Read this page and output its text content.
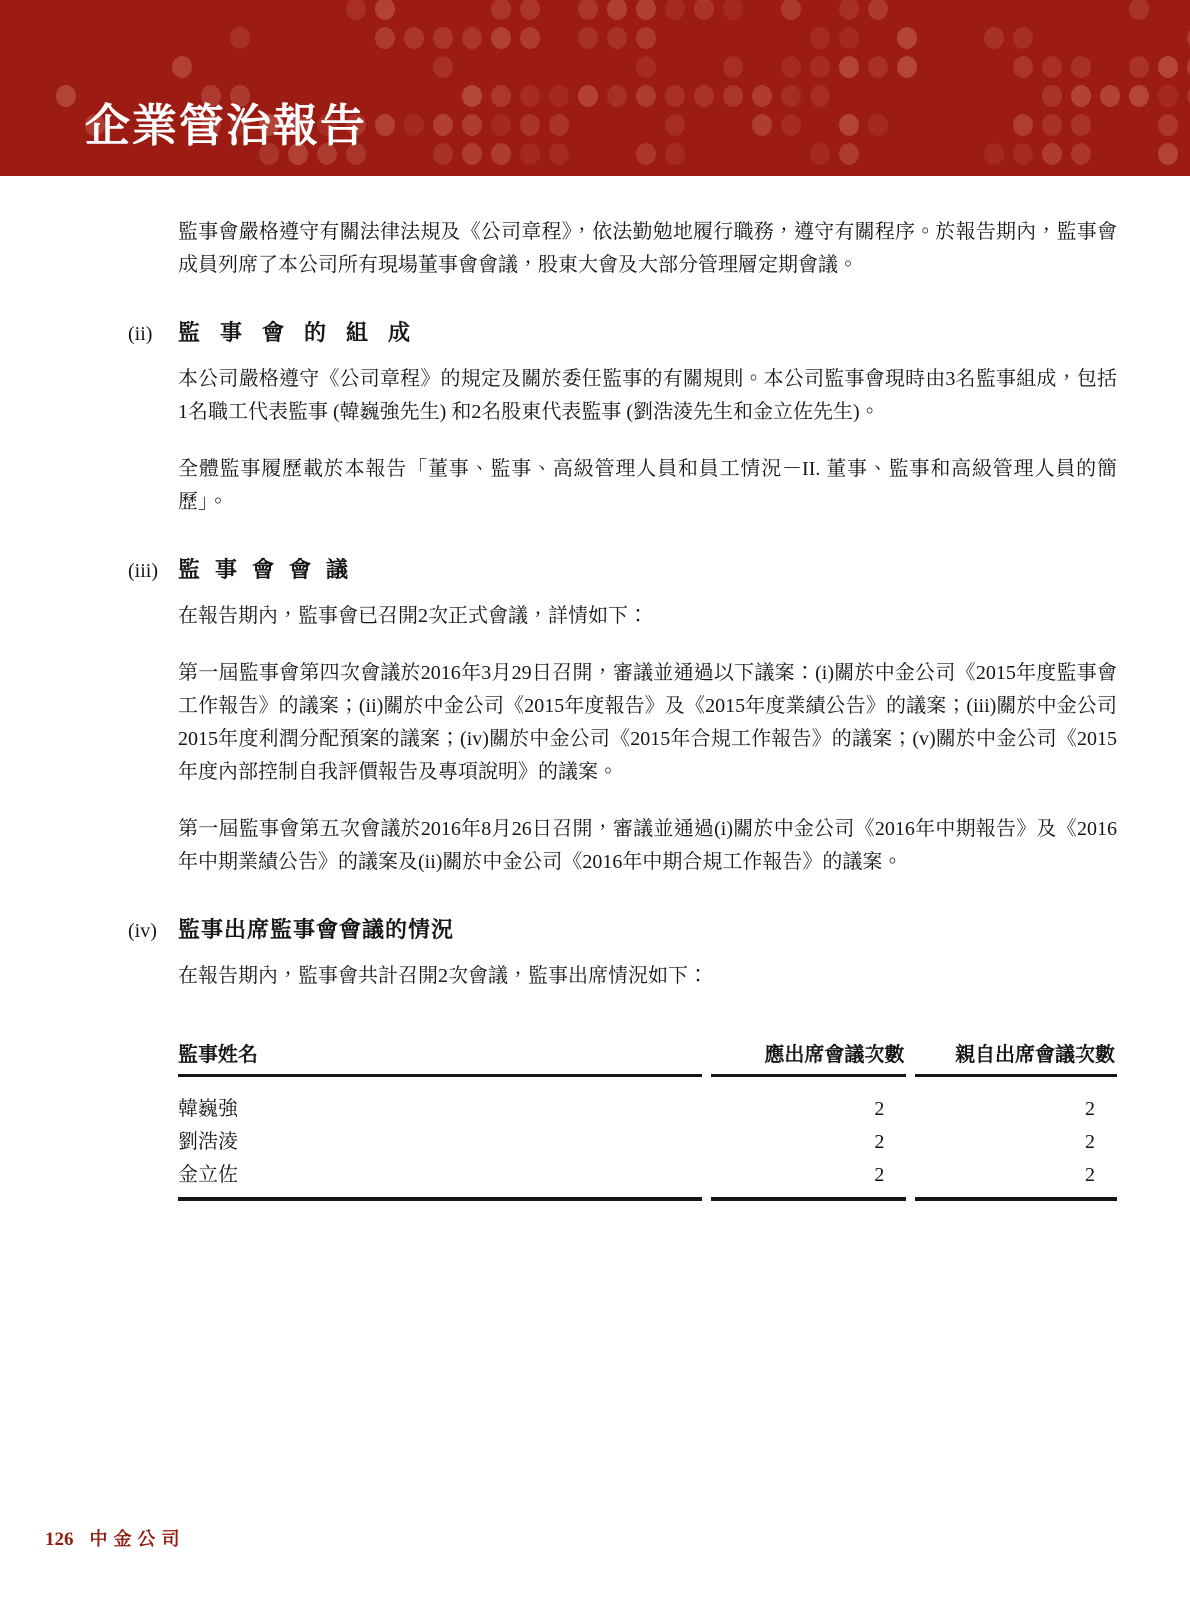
企業管治報告

監事會嚴格遵守有關法律法規及《公司章程》，依法勤勉地履行職務，遵守有關程序。於報告期內，監事會成員列席了本公司所有現場董事會會議，股東大會及大部分管理層定期會議。

(ii)	監事會的組成

本公司嚴格遵守《公司章程》的規定及關於委任監事的有關規則。本公司監事會現時由3名監事組成，包括1名職工代表監事 (韓巍強先生) 和2名股東代表監事 (劉浩淩先生和金立佐先生)。

全體監事履歷載於本報告「董事、監事、高級管理人員和員工情況－II. 董事、監事和高級管理人員的簡歷」。

(iii) 監事會會議

在報告期內，監事會已召開2次正式會議，詳情如下：

第一屆監事會第四次會議於2016年3月29日召開，審議並通過以下議案：(i)關於中金公司《2015年度監事會工作報告》的議案；(ii)關於中金公司《2015年度報告》及《2015年度業績公告》的議案；(iii)關於中金公司2015年度利潤分配預案的議案；(iv)關於中金公司《2015年合規工作報告》的議案；(v)關於中金公司《2015年度內部控制自我評價報告及專項說明》的議案。

第一屆監事會第五次會議於2016年8月26日召開，審議並通過(i)關於中金公司《2016年中期報告》及《2016年中期業績公告》的議案及(ii)關於中金公司《2016年中期合規工作報告》的議案。

(iv) 監事出席監事會會議的情況

在報告期內，監事會共計召開2次會議，監事出席情況如下：

監事姓名	應出席會議次數	親自出席會議次數
韓巍強	2	2
劉浩淩	2	2
金立佐	2	2
126 中金公司
